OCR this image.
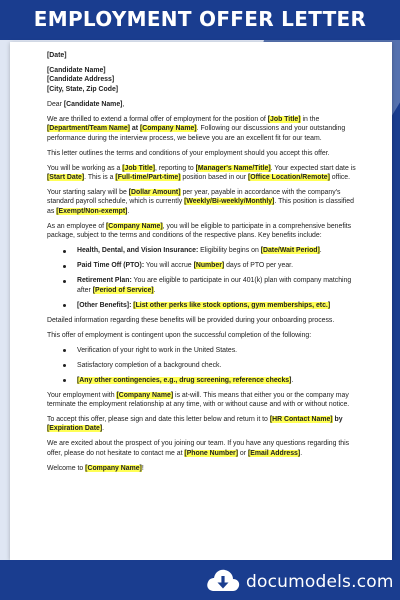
EMPLOYMENT OFFER LETTER
[Date]
[Candidate Name]
[Candidate Address]
[City, State, Zip Code]
Dear [Candidate Name],
We are thrilled to extend a formal offer of employment for the position of [Job Title] in the [Department/Team Name] at [Company Name]. Following our discussions and your outstanding performance during the interview process, we believe you are an excellent fit for our team.
This letter outlines the terms and conditions of your employment should you accept this offer.
You will be working as a [Job Title], reporting to [Manager's Name/Title]. Your expected start date is [Start Date]. This is a [Full-time/Part-time] position based in our [Office Location/Remote] office.
Your starting salary will be [Dollar Amount] per year, payable in accordance with the company's standard payroll schedule, which is currently [Weekly/Bi-weekly/Monthly]. This position is classified as [Exempt/Non-exempt].
As an employee of [Company Name], you will be eligible to participate in a comprehensive benefits package, subject to the terms and conditions of the respective plans. Key benefits include:
Health, Dental, and Vision Insurance: Eligibility begins on [Date/Wait Period].
Paid Time Off (PTO): You will accrue [Number] days of PTO per year.
Retirement Plan: You are eligible to participate in our 401(k) plan with company matching after [Period of Service].
[Other Benefits]: [List other perks like stock options, gym memberships, etc.]
Detailed information regarding these benefits will be provided during your onboarding process.
This offer of employment is contingent upon the successful completion of the following:
Verification of your right to work in the United States.
Satisfactory completion of a background check.
[Any other contingencies, e.g., drug screening, reference checks].
Your employment with [Company Name] is at-will. This means that either you or the company may terminate the employment relationship at any time, with or without cause and with or without notice.
To accept this offer, please sign and date this letter below and return it to [HR Contact Name] by [Expiration Date].
We are excited about the prospect of you joining our team. If you have any questions regarding this offer, please do not hesitate to contact me at [Phone Number] or [Email Address].
Welcome to [Company Name]!
documodels.com
